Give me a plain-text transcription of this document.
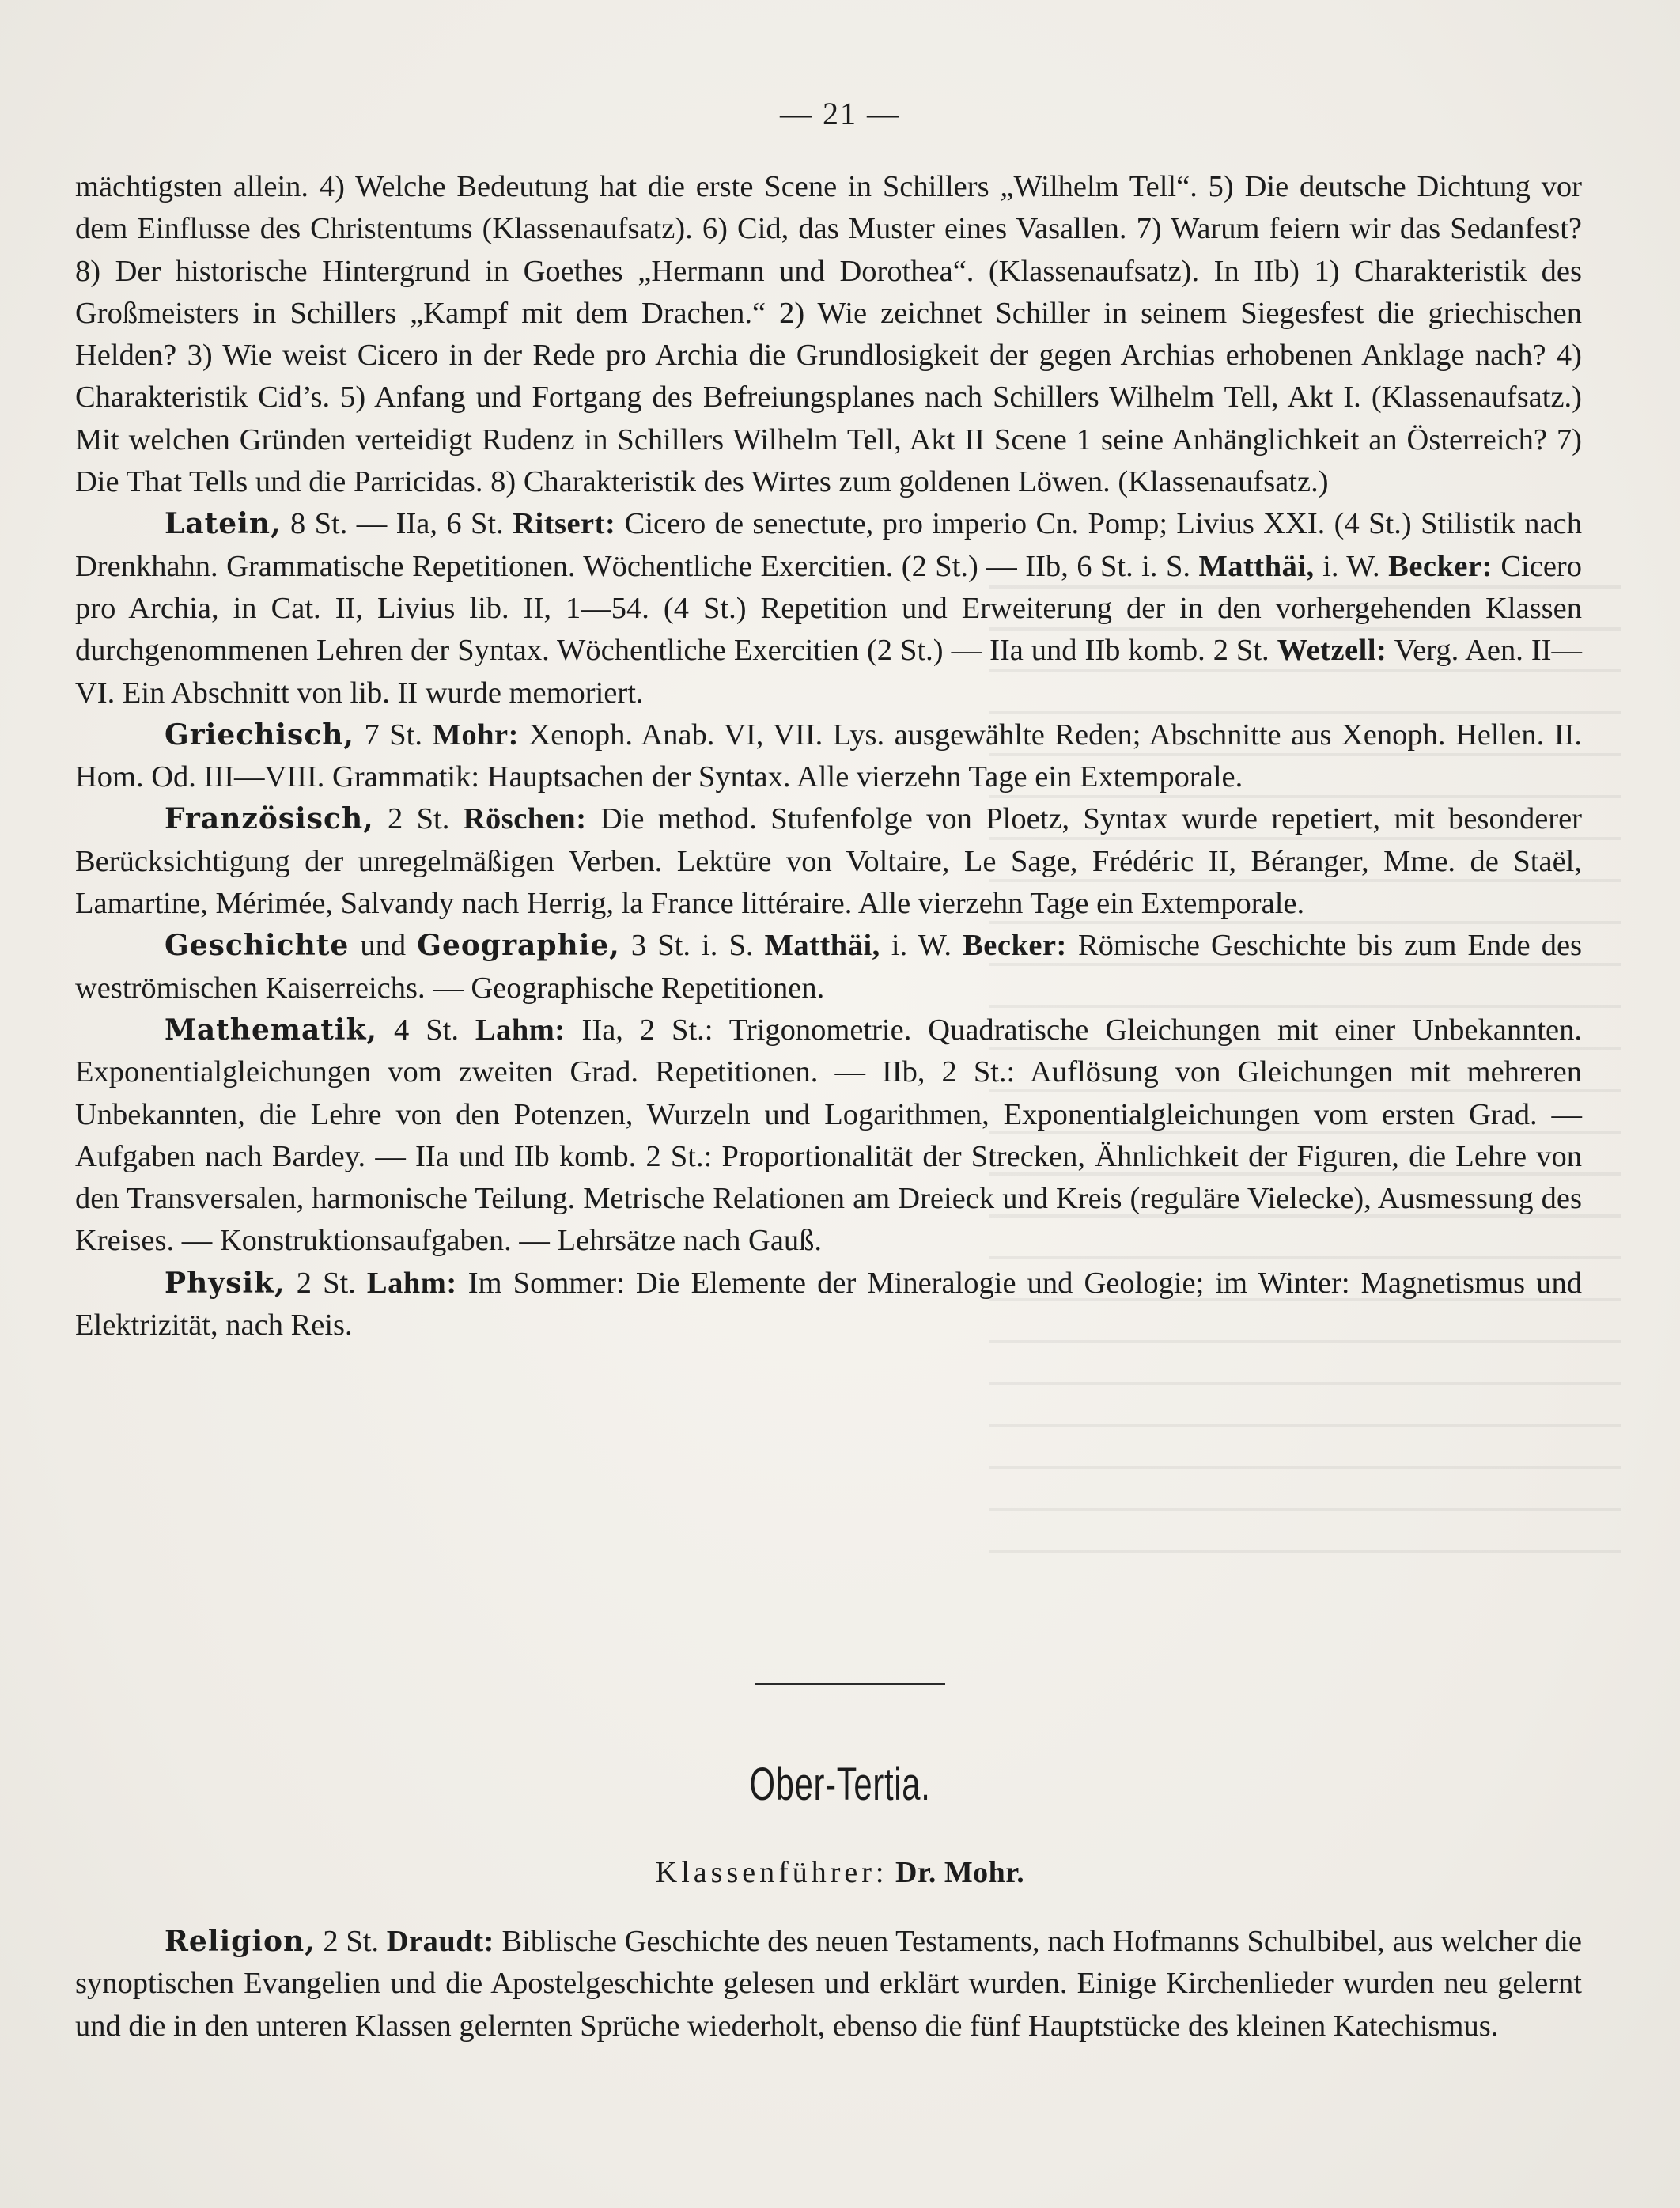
— 21 —

mächtigsten allein. 4) Welche Bedeutung hat die erste Scene in Schillers „Wilhelm Tell“. 5) Die deutsche Dichtung vor dem Einflusse des Christentums (Klassenaufsatz). 6) Cid, das Muster eines Vasallen. 7) Warum feiern wir das Sedanfest? 8) Der historische Hintergrund in Goethes „Hermann und Dorothea“. (Klassenaufsatz). In IIb) 1) Charakteristik des Großmeisters in Schillers „Kampf mit dem Drachen.“ 2) Wie zeichnet Schiller in seinem Siegesfest die griechischen Helden? 3) Wie weist Cicero in der Rede pro Archia die Grundlosigkeit der gegen Archias erhobenen Anklage nach? 4) Charakteristik Cid’s. 5) Anfang und Fortgang des Befreiungsplanes nach Schillers Wilhelm Tell, Akt I. (Klassenaufsatz.) Mit welchen Gründen verteidigt Rudenz in Schillers Wilhelm Tell, Akt II Scene 1 seine Anhänglichkeit an Österreich? 7) Die That Tells und die Parricidas. 8) Charakteristik des Wirtes zum goldenen Löwen. (Klassenaufsatz.)

Latein, 8 St. — IIa, 6 St. Ritsert: Cicero de senectute, pro imperio Cn. Pomp; Livius XXI. (4 St.) Stilistik nach Drenkhahn. Grammatische Repetitionen. Wöchentliche Exercitien. (2 St.) — IIb, 6 St. i. S. Matthäi, i. W. Becker: Cicero pro Archia, in Cat. II, Livius lib. II, 1—54. (4 St.) Repetition und Erweiterung der in den vorhergehenden Klassen durchgenommenen Lehren der Syntax. Wöchentliche Exercitien (2 St.) — IIa und IIb komb. 2 St. Wetzell: Verg. Aen. II—VI. Ein Abschnitt von lib. II wurde memoriert.

Griechisch, 7 St. Mohr: Xenoph. Anab. VI, VII. Lys. ausgewählte Reden; Abschnitte aus Xenoph. Hellen. II. Hom. Od. III—VIII. Grammatik: Hauptsachen der Syntax. Alle vierzehn Tage ein Extemporale.

Französisch, 2 St. Röschen: Die method. Stufenfolge von Ploetz, Syntax wurde repetiert, mit besonderer Berücksichtigung der unregelmäßigen Verben. Lektüre von Voltaire, Le Sage, Frédéric II, Béranger, Mme. de Staël, Lamartine, Mérimée, Salvandy nach Herrig, la France littéraire. Alle vierzehn Tage ein Extemporale.

Geschichte und Geographie, 3 St. i. S. Matthäi, i. W. Becker: Römische Geschichte bis zum Ende des weströmischen Kaiserreichs. — Geographische Repetitionen.

Mathematik, 4 St. Lahm: IIa, 2 St.: Trigonometrie. Quadratische Gleichungen mit einer Unbekannten. Exponentialgleichungen vom zweiten Grad. Repetitionen. — IIb, 2 St.: Auflösung von Gleichungen mit mehreren Unbekannten, die Lehre von den Potenzen, Wurzeln und Logarithmen, Exponentialgleichungen vom ersten Grad. — Aufgaben nach Bardey. — IIa und IIb komb. 2 St.: Proportionalität der Strecken, Ähnlichkeit der Figuren, die Lehre von den Transversalen, harmonische Teilung. Metrische Relationen am Dreieck und Kreis (reguläre Vielecke), Ausmessung des Kreises. — Konstruktionsaufgaben. — Lehrsätze nach Gauß.

Physik, 2 St. Lahm: Im Sommer: Die Elemente der Mineralogie und Geologie; im Winter: Magnetismus und Elektrizität, nach Reis.

Ober-Tertia.
Klassenführer: Dr. Mohr.

Religion, 2 St. Draudt: Biblische Geschichte des neuen Testaments, nach Hofmanns Schulbibel, aus welcher die synoptischen Evangelien und die Apostelgeschichte gelesen und erklärt wurden. Einige Kirchenlieder wurden neu gelernt und die in den unteren Klassen gelernten Sprüche wiederholt, ebenso die fünf Hauptstücke des kleinen Katechismus.
